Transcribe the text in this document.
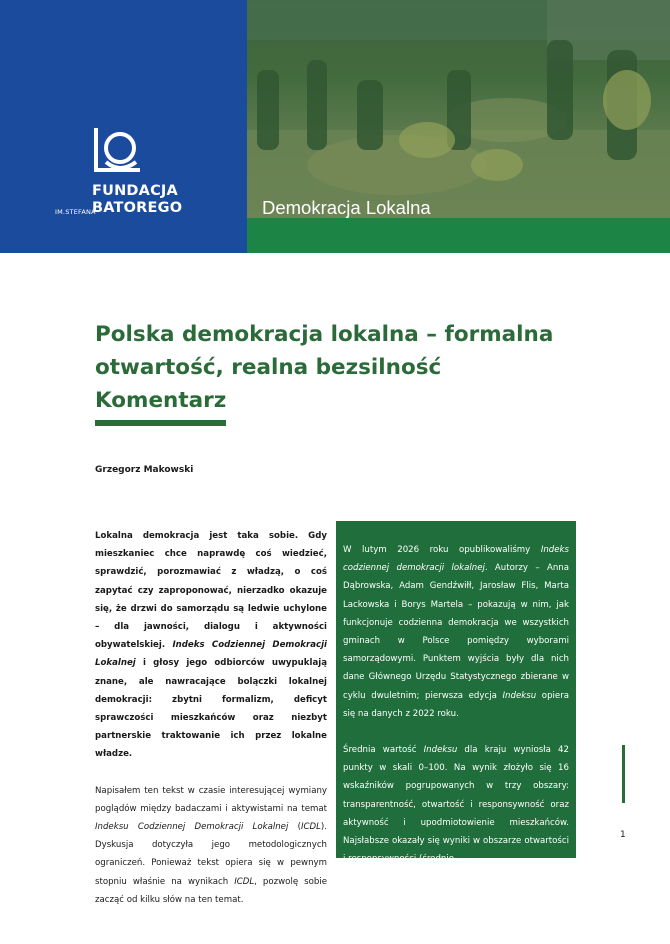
FUNDACJA
IM.STEFANA
BATOREGO	Demokracja Lokalna
Polska demokracja lokalna – formalna
otwartość, realna bezsilność
Komentarz
Grzegorz Makowski

Lokalna demokracja jest taka sobie. Gdy mieszkaniec chce naprawdę coś wiedzieć, sprawdzić, porozmawiać z władzą, o coś zapytać czy zaproponować, nierzadko okazuje się, że drzwi do samorządu są ledwie uchylone – dla jawności, dialogu i aktywności obywatelskiej. Indeks Codziennej Demokracji Lokalnej i głosy jego odbiorców uwypuklają znane, ale nawracające bolączki lokalnej demokracji: zbytni formalizm, deficyt sprawczości mieszkańców oraz niezbyt partnerskie traktowanie ich przez lokalne władze.

Napisałem ten tekst w czasie interesującej wymiany poglądów między badaczami i aktywistami na temat Indeksu Codziennej Demokracji Lokalnej (ICDL). Dyskusja dotyczyła jego metodologicznych ograniczeń. Ponieważ tekst opiera się w pewnym stopniu właśnie na wynikach ICDL, pozwolę sobie zacząć od kilku słów na ten temat.

W lutym 2026 roku opublikowaliśmy Indeks codziennej demokracji lokalnej. Autorzy – Anna Dąbrowska, Adam Gendźwiłł, Jarosław Flis, Marta Lackowska i Borys Martela – pokazują w nim, jak funkcjonuje codzienna demokracja we wszystkich gminach w Polsce pomiędzy wyborami samorządowymi. Punktem wyjścia były dla nich dane Głównego Urzędu Statystycznego zbierane w cyklu dwuletnim; pierwsza edycja Indeksu opiera się na danych z 2022 roku.

Średnia wartość Indeksu dla kraju wyniosła 42 punkty w skali 0–100. Na wynik złożyło się 16 wskaźników pogrupowanych w trzy obszary: transparentność, otwartość i responsywność oraz aktywność i upodmiotowienie mieszkańców. Najsłabsze okazały się wyniki w obszarze otwartości i responsywności (średnio

1
